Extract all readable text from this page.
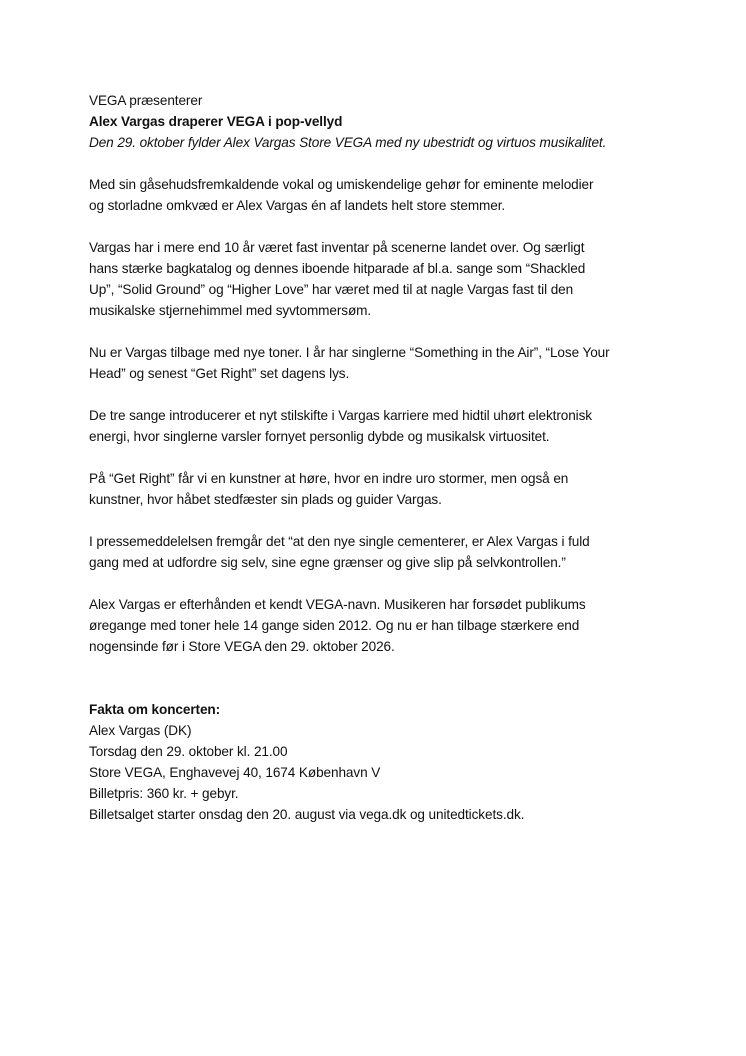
VEGA præsenterer
Alex Vargas draperer VEGA i pop-vellyd
Den 29. oktober fylder Alex Vargas Store VEGA med ny ubestridt og virtuos musikalitet.
Med sin gåsehudsfremkaldende vokal og umiskendelige gehør for eminente melodier
og storladne omkvæd er Alex Vargas én af landets helt store stemmer.
Vargas har i mere end 10 år været fast inventar på scenerne landet over. Og særligt
hans stærke bagkatalog og dennes iboende hitparade af bl.a. sange som “Shackled
Up”, “Solid Ground” og “Higher Love” har været med til at nagle Vargas fast til den
musikalske stjernehimmel med syvtommersøm.
Nu er Vargas tilbage med nye toner. I år har singlerne “Something in the Air”, “Lose Your
Head” og senest “Get Right” set dagens lys.
De tre sange introducerer et nyt stilskifte i Vargas karriere med hidtil uhørt elektronisk
energi, hvor singlerne varsler fornyet personlig dybde og musikalsk virtuositet.
På “Get Right” får vi en kunstner at høre, hvor en indre uro stormer, men også en
kunstner, hvor håbet stedfæster sin plads og guider Vargas.
I pressemeddelelsen fremgår det “at den nye single cementerer, er Alex Vargas i fuld
gang med at udfordre sig selv, sine egne grænser og give slip på selvkontrollen.”
Alex Vargas er efterhånden et kendt VEGA-navn. Musikeren har forsødet publikums
øregange med toner hele 14 gange siden 2012. Og nu er han tilbage stærkere end
nogensinde før i Store VEGA den 29. oktober 2026.
Fakta om koncerten:
Alex Vargas (DK)
Torsdag den 29. oktober kl. 21.00
Store VEGA, Enghavevej 40, 1674 København V
Billetpris: 360 kr. + gebyr.
Billetsalget starter onsdag den 20. august via vega.dk og unitedtickets.dk.
